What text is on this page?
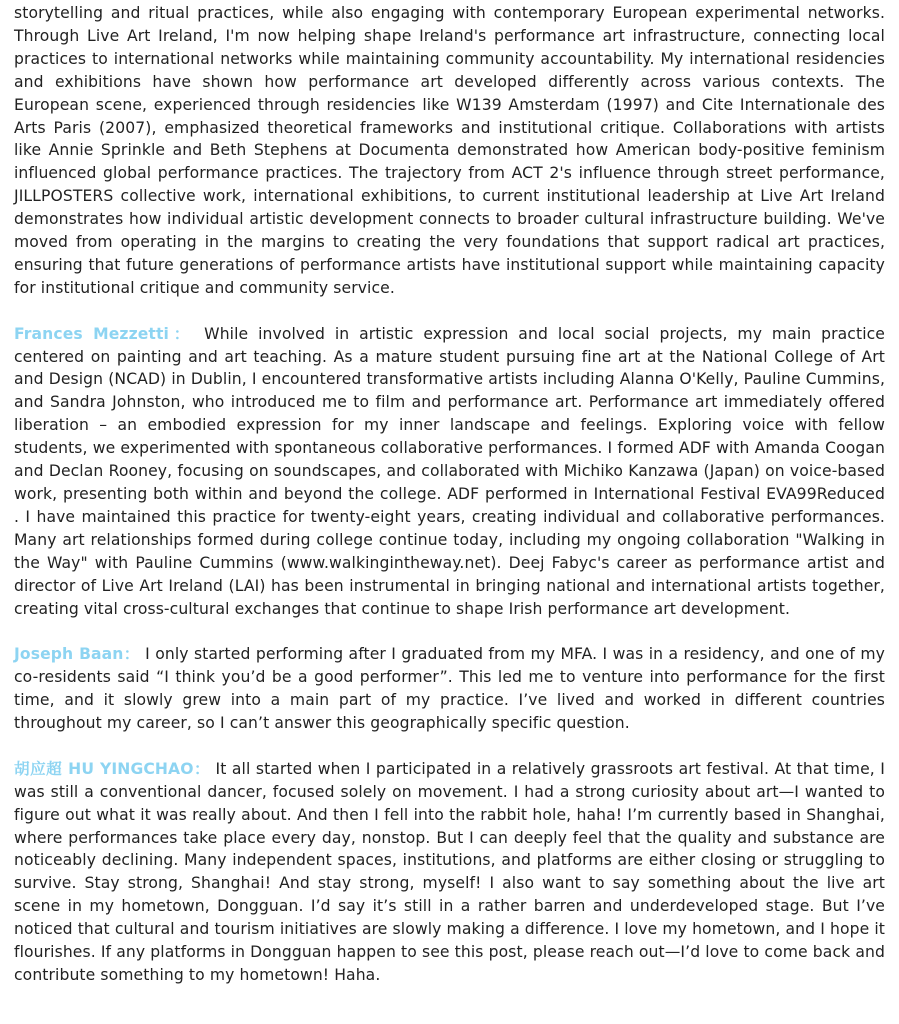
storytelling and ritual practices, while also engaging with contemporary European experimental networks. Through Live Art Ireland, I'm now helping shape Ireland's performance art infrastructure, connecting local practices to international networks while maintaining community accountability. My international residencies and exhibitions have shown how performance art developed differently across various contexts. The European scene, experienced through residencies like W139 Amsterdam (1997) and Cite Internationale des Arts Paris (2007), emphasized theoretical frameworks and institutional critique. Collaborations with artists like Annie Sprinkle and Beth Stephens at Documenta demonstrated how American body-positive feminism influenced global performance practices. The trajectory from ACT 2's influence through street performance, JILLPOSTERS collective work, international exhibitions, to current institutional leadership at Live Art Ireland demonstrates how individual artistic development connects to broader cultural infrastructure building. We've moved from operating in the margins to creating the very foundations that support radical art practices, ensuring that future generations of performance artists have institutional support while maintaining capacity for institutional critique and community service.

Frances Mezzetti： While involved in artistic expression and local social projects, my main practice centered on painting and art teaching. As a mature student pursuing fine art at the National College of Art and Design (NCAD) in Dublin, I encountered transformative artists including Alanna O'Kelly, Pauline Cummins, and Sandra Johnston, who introduced me to film and performance art. Performance art immediately offered liberation – an embodied expression for my inner landscape and feelings. Exploring voice with fellow students, we experimented with spontaneous collaborative performances. I formed ADF with Amanda Coogan and Declan Rooney, focusing on soundscapes, and collaborated with Michiko Kanzawa (Japan) on voice-based work, presenting both within and beyond the college. ADF performed in International Festival EVA99Reduced . I have maintained this practice for twenty-eight years, creating individual and collaborative performances. Many art relationships formed during college continue today, including my ongoing collaboration "Walking in the Way" with Pauline Cummins (www.walkingintheway.net). Deej Fabyc's career as performance artist and director of Live Art Ireland (LAI) has been instrumental in bringing national and international artists together, creating vital cross-cultural exchanges that continue to shape Irish performance art development.

Joseph Baan： I only started performing after I graduated from my MFA. I was in a residency, and one of my co-residents said “I think you’d be a good performer”. This led me to venture into performance for the first time, and it slowly grew into a main part of my practice. I’ve lived and worked in different countries throughout my career, so I can’t answer this geographically specific question.

胡应超 HU YINGCHAO： It all started when I participated in a relatively grassroots art festival. At that time, I was still a conventional dancer, focused solely on movement. I had a strong curiosity about art—I wanted to figure out what it was really about. And then I fell into the rabbit hole, haha! I’m currently based in Shanghai, where performances take place every day, nonstop. But I can deeply feel that the quality and substance are noticeably declining. Many independent spaces, institutions, and platforms are either closing or struggling to survive. Stay strong, Shanghai! And stay strong, myself! I also want to say something about the live art scene in my hometown, Dongguan. I’d say it’s still in a rather barren and underdeveloped stage. But I’ve noticed that cultural and tourism initiatives are slowly making a difference. I love my hometown, and I hope it flourishes. If any platforms in Dongguan happen to see this post, please reach out—I’d love to come back and contribute something to my hometown! Haha.
